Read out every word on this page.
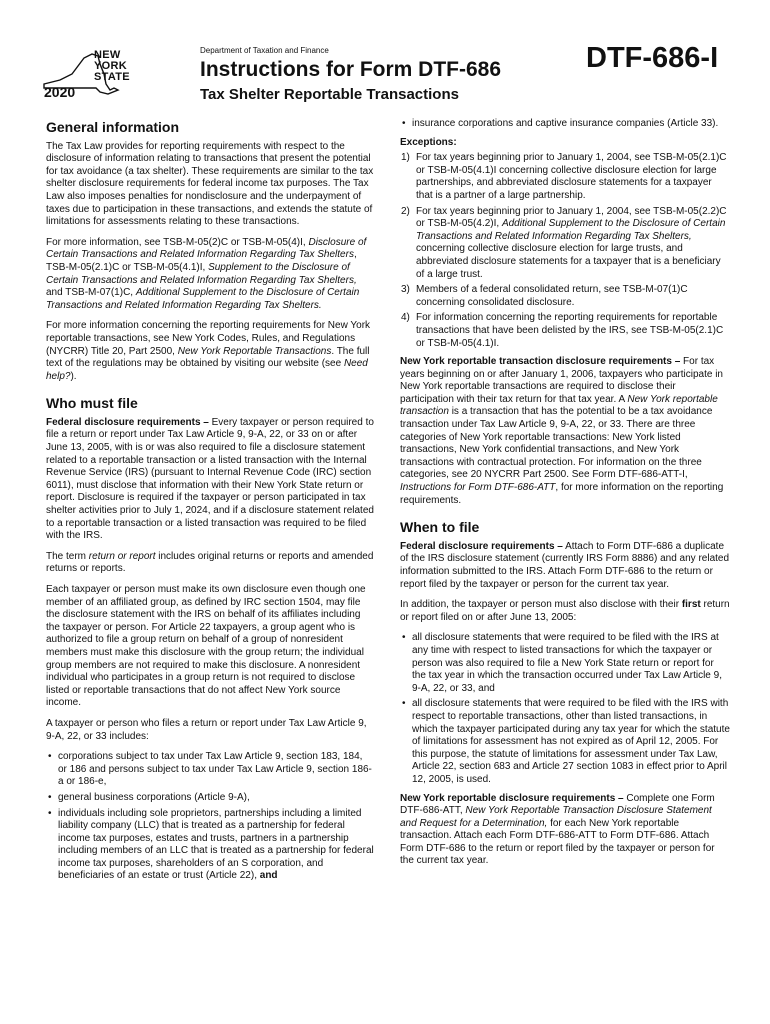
NEW
YORK
STATE
2020
Department of Taxation and Finance
Instructions for Form DTF-686
Tax Shelter Reportable Transactions
DTF-686-I
General information

The Tax Law provides for reporting requirements with respect to the disclosure of information relating to transactions that present the potential for tax avoidance (a tax shelter). These requirements are similar to the tax shelter disclosure requirements for federal income tax purposes. The Tax Law also imposes penalties for nondisclosure and the underpayment of taxes due to participation in these transactions, and extends the statute of limitations for assessments relating to these transactions.

For more information, see TSB-M-05(2)C or TSB-M-05(4)I, Disclosure of Certain Transactions and Related Information Regarding Tax Shelters, TSB-M-05(2.1)C or TSB-M-05(4.1)I, Supplement to the Disclosure of Certain Transactions and Related Information Regarding Tax Shelters, and TSB-M-07(1)C, Additional Supplement to the Disclosure of Certain Transactions and Related Information Regarding Tax Shelters.

For more information concerning the reporting requirements for New York reportable transactions, see New York Codes, Rules, and Regulations (NYCRR) Title 20, Part 2500, New York Reportable Transactions. The full text of the regulations may be obtained by visiting our website (see Need help?).

Who must file

Federal disclosure requirements – Every taxpayer or person required to file a return or report under Tax Law Article 9, 9-A, 22, or 33 on or after June 13, 2005, with is or was also required to file a disclosure statement related to a reportable transaction or a listed transaction with the Internal Revenue Service (IRS) (pursuant to Internal Revenue Code (IRC) section 6011), must disclose that information with their New York State return or report. Disclosure is required if the taxpayer or person participated in tax shelter activities prior to July 1, 2024, and if a disclosure statement related to a reportable transaction or a listed transaction was required to be filed with the IRS.

The term return or report includes original returns or reports and amended returns or reports.

Each taxpayer or person must make its own disclosure even though one member of an affiliated group, as defined by IRC section 1504, may file the disclosure statement with the IRS on behalf of its affiliates including the taxpayer or person. For Article 22 taxpayers, a group agent who is authorized to file a group return on behalf of a group of nonresident members must make this disclosure with the group return; the individual group members are not required to make this disclosure. A nonresident individual who participates in a group return is not required to disclose listed or reportable transactions that do not affect New York source income.

A taxpayer or person who files a return or report under Tax Law Article 9, 9-A, 22, or 33 includes:

• corporations subject to tax under Tax Law Article 9, section 183, 184, or 186 and persons subject to tax under Tax Law Article 9, section 186-a or 186-e,
• general business corporations (Article 9-A),
• individuals including sole proprietors, partnerships including a limited liability company (LLC) that is treated as a partnership for federal income tax purposes, estates and trusts, partners in a partnership including members of an LLC that is treated as a partnership for federal income tax purposes, shareholders of an S corporation, and beneficiaries of an estate or trust (Article 22), and
• insurance corporations and captive insurance companies (Article 33).

Exceptions:

1) For tax years beginning prior to January 1, 2004, see TSB-M-05(2.1)C or TSB-M-05(4.1)I concerning collective disclosure election for large partnerships, and abbreviated disclosure statements for a taxpayer that is a partner of a large partnership.
2) For tax years beginning prior to January 1, 2004, see TSB-M-05(2.2)C or TSB-M-05(4.2)I, Additional Supplement to the Disclosure of Certain Transactions and Related Information Regarding Tax Shelters, concerning collective disclosure election for large trusts, and abbreviated disclosure statements for a taxpayer that is a beneficiary of a large trust.
3) Members of a federal consolidated return, see TSB-M-07(1)C concerning consolidated disclosure.
4) For information concerning the reporting requirements for reportable transactions that have been delisted by the IRS, see TSB-M-05(2.1)C or TSB-M-05(4.1)I.

New York reportable transaction disclosure requirements – For tax years beginning on or after January 1, 2006, taxpayers who participate in New York reportable transactions are required to disclose their participation with their tax return for that tax year. A New York reportable transaction is a transaction that has the potential to be a tax avoidance transaction under Tax Law Article 9, 9-A, 22, or 33. There are three categories of New York reportable transactions: New York listed transactions, New York confidential transactions, and New York transactions with contractual protection. For information on the three categories, see 20 NYCRR Part 2500. See Form DTF-686-ATT-I, Instructions for Form DTF-686-ATT, for more information on the reporting requirements.

When to file

Federal disclosure requirements – Attach to Form DTF-686 a duplicate of the IRS disclosure statement (currently IRS Form 8886) and any related information submitted to the IRS. Attach Form DTF-686 to the return or report filed by the taxpayer or person for the current tax year.

In addition, the taxpayer or person must also disclose with their first return or report filed on or after June 13, 2005:

• all disclosure statements that were required to be filed with the IRS at any time with respect to listed transactions for which the taxpayer or person was also required to file a New York State return or report for the tax year in which the transaction occurred under Tax Law Article 9, 9-A, 22, or 33, and
• all disclosure statements that were required to be filed with the IRS with respect to reportable transactions, other than listed transactions, in which the taxpayer participated during any tax year for which the statute of limitations for assessment has not expired as of April 12, 2005. For this purpose, the statute of limitations for assessment under Tax Law, Article 22, section 683 and Article 27 section 1083 in effect prior to April 12, 2005, is used.

New York reportable disclosure requirements – Complete one Form DTF-686-ATT, New York Reportable Transaction Disclosure Statement and Request for a Determination, for each New York reportable transaction. Attach each Form DTF-686-ATT to Form DTF-686. Attach Form DTF-686 to the return or report filed by the taxpayer or person for the current tax year.
